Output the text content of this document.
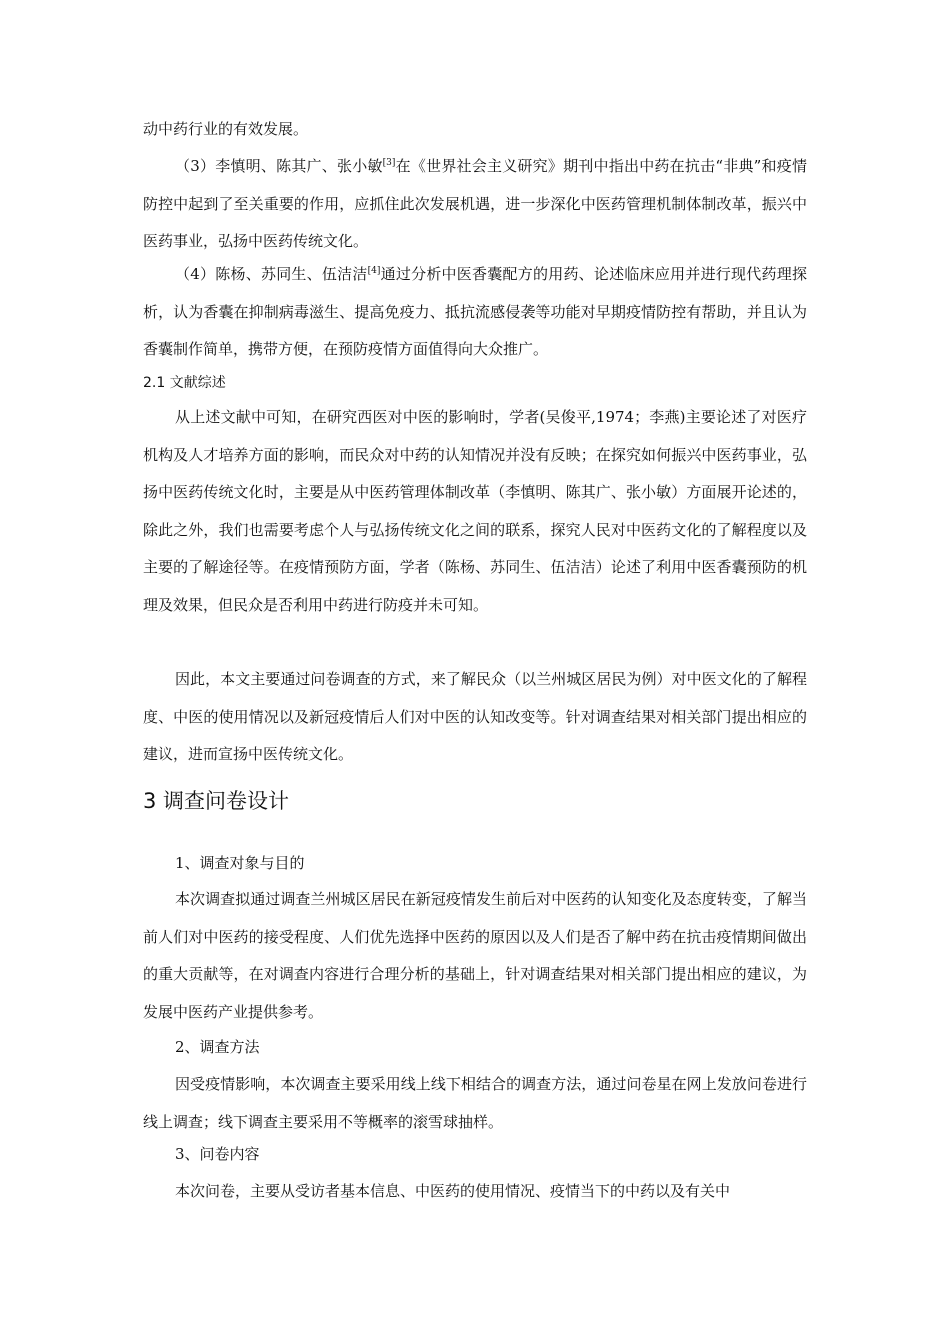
动中药行业的有效发展。

（3）李慎明、陈其广、张小敏[3]在《世界社会主义研究》期刊中指出中药在抗击“非典”和疫情防控中起到了至关重要的作用，应抓住此次发展机遇，进一步深化中医药管理机制体制改革，振兴中医药事业，弘扬中医药传统文化。

（4）陈杨、苏同生、伍洁洁[4]通过分析中医香囊配方的用药、论述临床应用并进行现代药理探析，认为香囊在抑制病毒滋生、提高免疫力、抵抗流感侵袭等功能对早期疫情防控有帮助，并且认为香囊制作简单，携带方便，在预防疫情方面值得向大众推广。

2.1 文献综述

从上述文献中可知，在研究西医对中医的影响时，学者(吴俊平,1974；李燕)主要论述了对医疗机构及人才培养方面的影响，而民众对中药的认知情况并没有反映；在探究如何振兴中医药事业，弘扬中医药传统文化时，主要是从中医药管理体制改革（李慎明、陈其广、张小敏）方面展开论述的，除此之外，我们也需要考虑个人与弘扬传统文化之间的联系，探究人民对中医药文化的了解程度以及主要的了解途径等。在疫情预防方面，学者（陈杨、苏同生、伍洁洁）论述了利用中医香囊预防的机理及效果，但民众是否利用中药进行防疫并未可知。

因此，本文主要通过问卷调查的方式，来了解民众（以兰州城区居民为例）对中医文化的了解程度、中医的使用情况以及新冠疫情后人们对中医的认知改变等。针对调查结果对相关部门提出相应的建议，进而宣扬中医传统文化。

3 调查问卷设计
1、调查对象与目的

本次调查拟通过调查兰州城区居民在新冠疫情发生前后对中医药的认知变化及态度转变，了解当前人们对中医药的接受程度、人们优先选择中医药的原因以及人们是否了解中药在抗击疫情期间做出的重大贡献等，在对调查内容进行合理分析的基础上，针对调查结果对相关部门提出相应的建议，为发展中医药产业提供参考。

2、调查方法

因受疫情影响，本次调查主要采用线上线下相结合的调查方法，通过问卷星在网上发放问卷进行线上调查；线下调查主要采用不等概率的滚雪球抽样。

3、问卷内容

本次问卷，主要从受访者基本信息、中医药的使用情况、疫情当下的中药以及有关中
